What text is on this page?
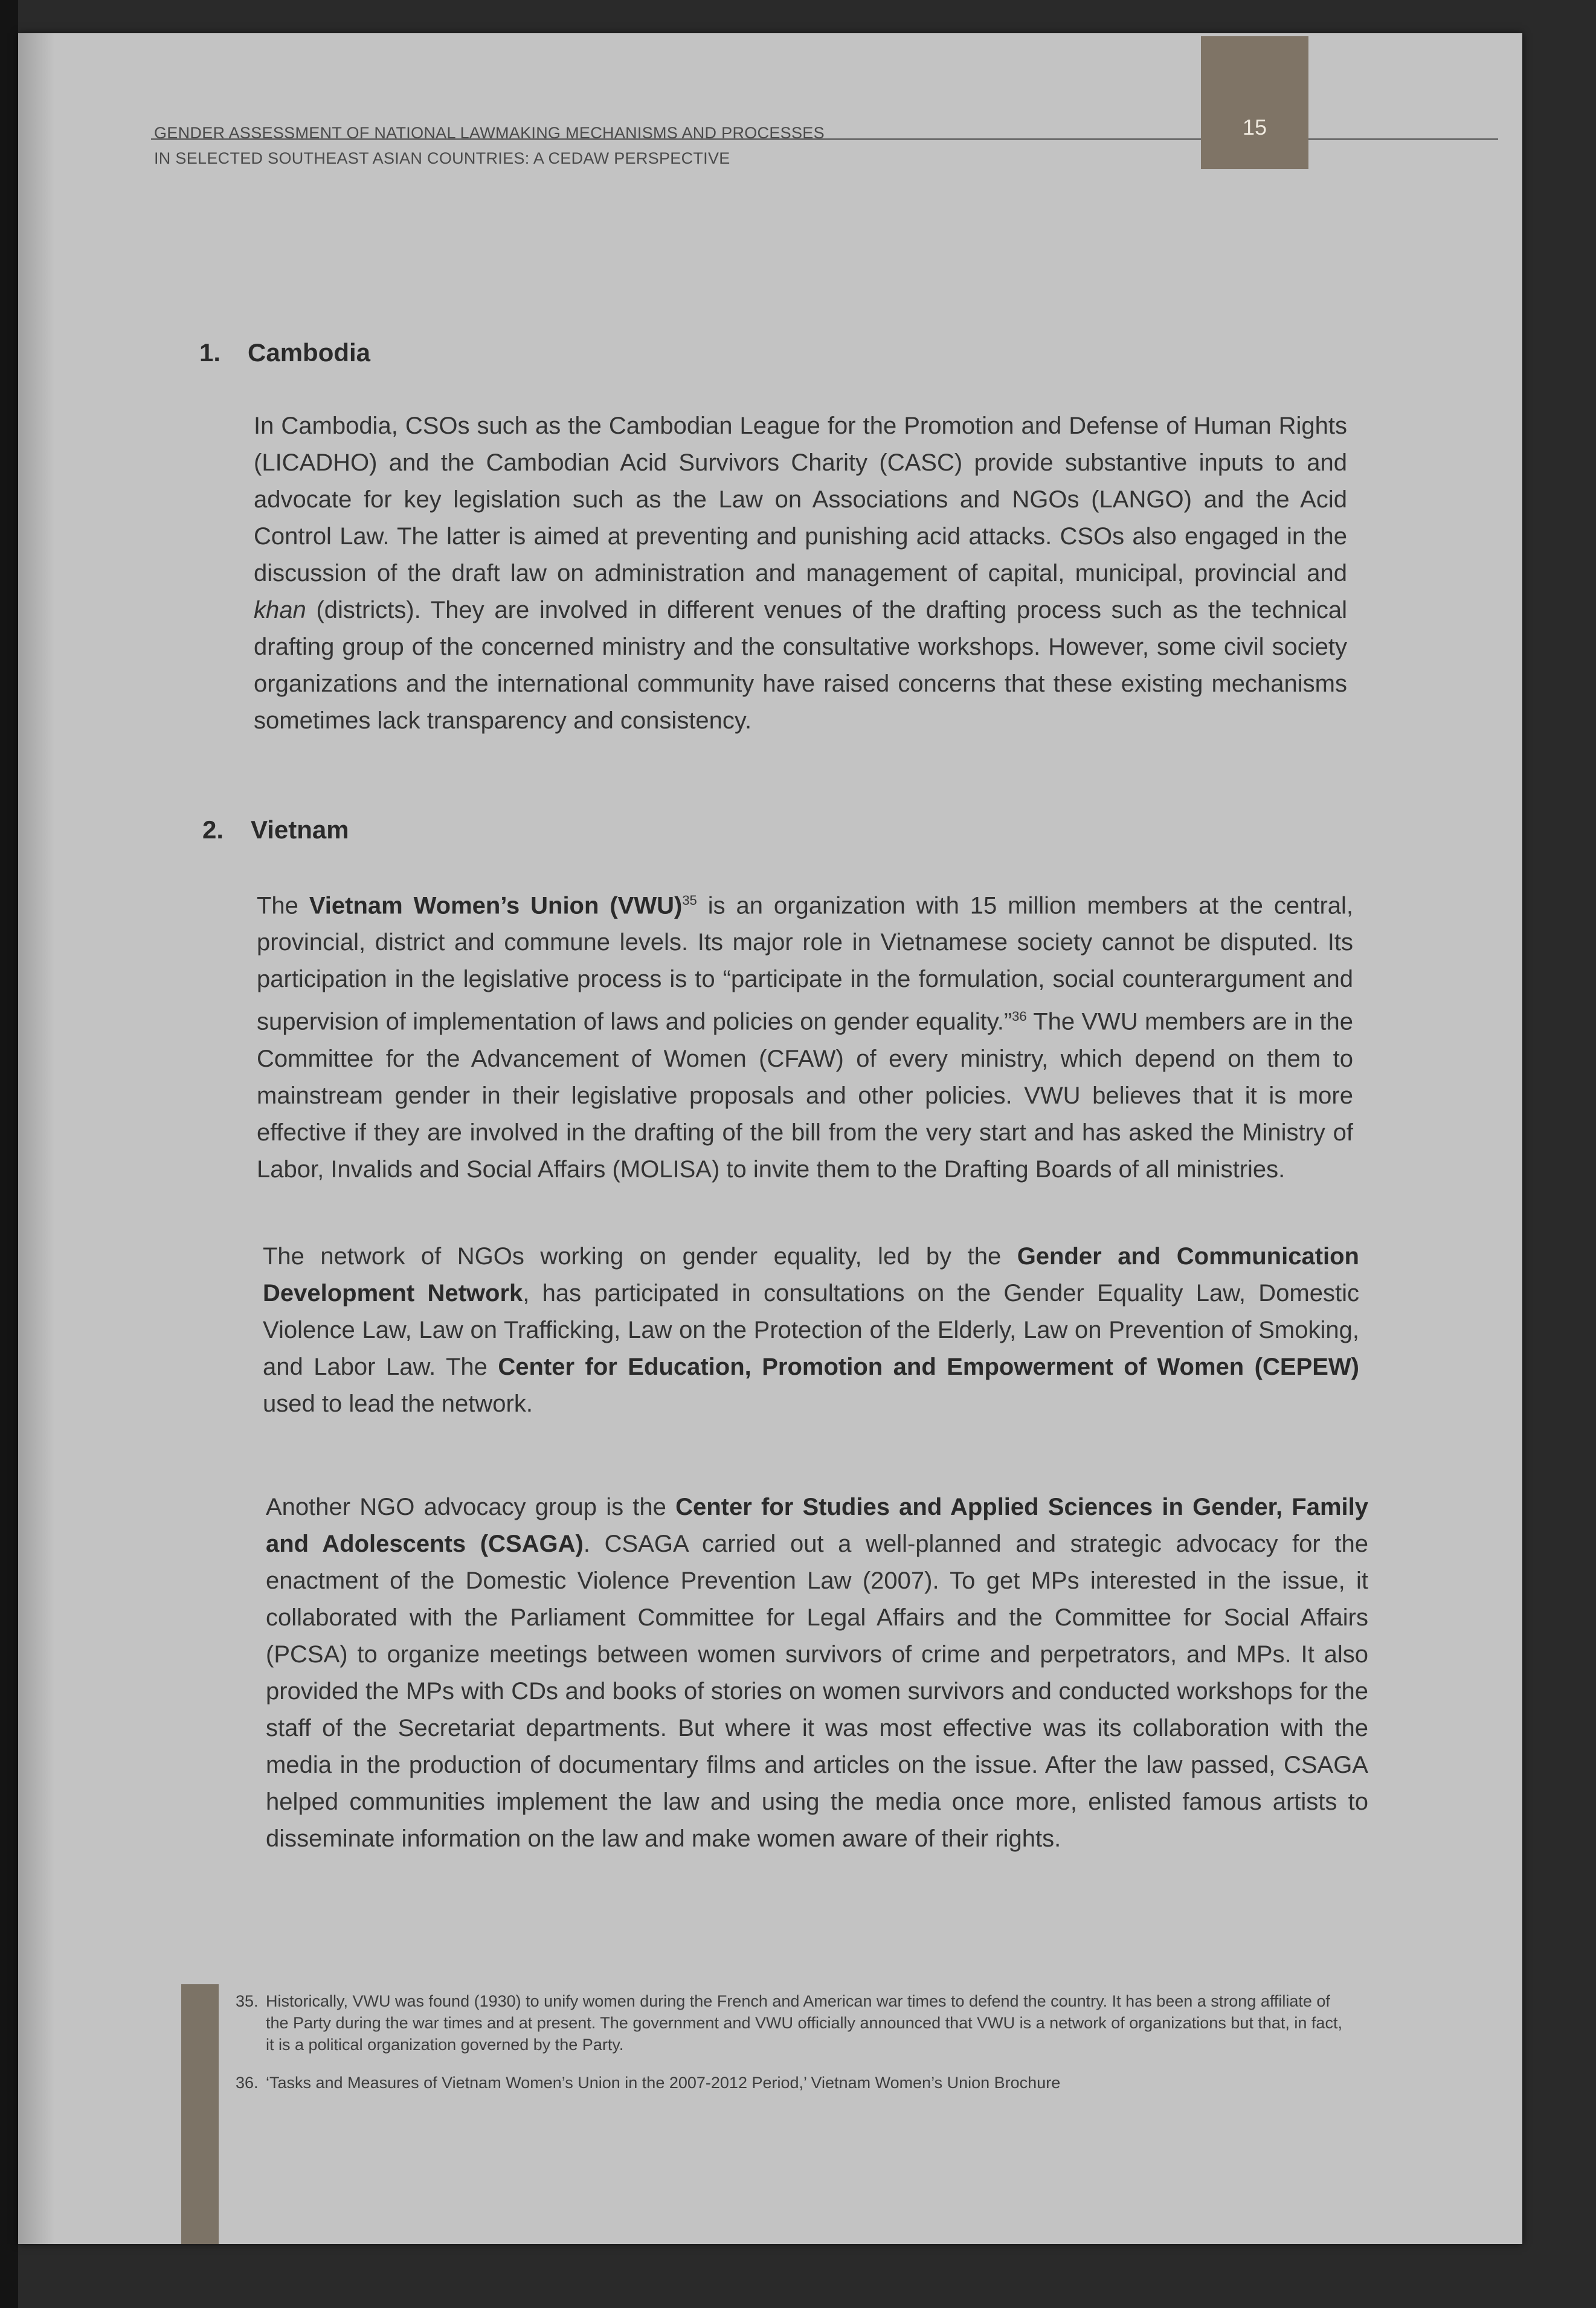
GENDER ASSESSMENT OF NATIONAL LAWMAKING MECHANISMS AND PROCESSES
IN SELECTED SOUTHEAST ASIAN COUNTRIES: A CEDAW PERSPECTIVE
15
1. Cambodia
In Cambodia, CSOs such as the Cambodian League for the Promotion and Defense of Human Rights (LICADHO) and the Cambodian Acid Survivors Charity (CASC) provide substantive inputs to and advocate for key legislation such as the Law on Associations and NGOs (LANGO) and the Acid Control Law. The latter is aimed at preventing and punishing acid attacks. CSOs also engaged in the discussion of the draft law on administration and management of capital, municipal, provincial and khan (districts). They are involved in different venues of the drafting process such as the technical drafting group of the concerned ministry and the consultative workshops. However, some civil society organizations and the international community have raised concerns that these existing mechanisms sometimes lack transparency and consistency.
2. Vietnam
The Vietnam Women’s Union (VWU)$^{35}$ is an organization with 15 million members at the central, provincial, district and commune levels. Its major role in Vietnamese society cannot be disputed. Its participation in the legislative process is to “participate in the formulation, social counterargument and supervision of implementation of laws and policies on gender equality.”$^{36}$ The VWU members are in the Committee for the Advancement of Women (CFAW) of every ministry, which depend on them to mainstream gender in their legislative proposals and other policies. VWU believes that it is more effective if they are involved in the drafting of the bill from the very start and has asked the Ministry of Labor, Invalids and Social Affairs (MOLISA) to invite them to the Drafting Boards of all ministries.
The network of NGOs working on gender equality, led by the Gender and Communication Development Network, has participated in consultations on the Gender Equality Law, Domestic Violence Law, Law on Trafficking, Law on the Protection of the Elderly, Law on Prevention of Smoking, and Labor Law. The Center for Education, Promotion and Empowerment of Women (CEPEW) used to lead the network.
Another NGO advocacy group is the Center for Studies and Applied Sciences in Gender, Family and Adolescents (CSAGA). CSAGA carried out a well-planned and strategic advocacy for the enactment of the Domestic Violence Prevention Law (2007). To get MPs interested in the issue, it collaborated with the Parliament Committee for Legal Affairs and the Committee for Social Affairs (PCSA) to organize meetings between women survivors of crime and perpetrators, and MPs. It also provided the MPs with CDs and books of stories on women survivors and conducted workshops for the staff of the Secretariat departments. But where it was most effective was its collaboration with the media in the production of documentary films and articles on the issue. After the law passed, CSAGA helped communities implement the law and using the media once more, enlisted famous artists to disseminate information on the law and make women aware of their rights.
35. Historically, VWU was found (1930) to unify women during the French and American war times to defend the country. It has been a strong affiliate of the Party during the war times and at present. The government and VWU officially announced that VWU is a network of organizations but that, in fact, it is a political organization governed by the Party.
36. ‘Tasks and Measures of Vietnam Women’s Union in the 2007-2012 Period,’ Vietnam Women’s Union Brochure
